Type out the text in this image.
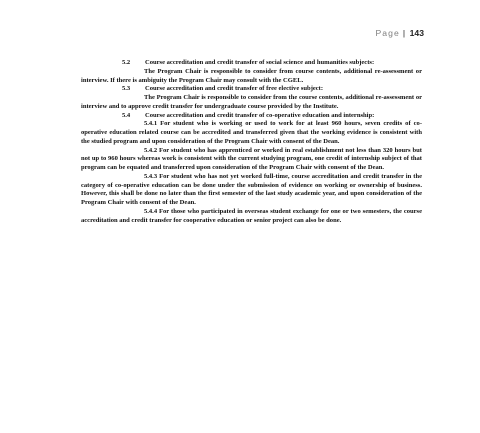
Page | 143

5.2 Course accreditation and credit transfer of social science and humanities subjects:

The Program Chair is responsible to consider from course contents, additional re-assessment or interview. If there is ambiguity the Program Chair may consult with the CGEL.

5.3 Course accreditation and credit transfer of free elective subject:

The Program Chair is responsible to consider from the course contents, additional re-assessment or interview and to approve credit transfer for undergraduate course provided by the Institute.

5.4 Course accreditation and credit transfer of co-operative education and internship:

5.4.1 For student who is working or used to work for at least 960 hours, seven credits of co-operative education related course can be accredited and transferred given that the working evidence is consistent with the studied program and upon consideration of the Program Chair with consent of the Dean.

5.4.2 For student who has apprenticed or worked in real establishment not less than 320 hours but not up to 960 hours whereas work is consistent with the current studying program, one credit of internship subject of that program can be equated and transferred upon consideration of the Program Chair with consent of the Dean.

5.4.3 For student who has not yet worked full-time, course accreditation and credit transfer in the category of co-operative education can be done under the submission of evidence on working or ownership of business. However, this shall be done no later than the first semester of the last study academic year, and upon consideration of the Program Chair with consent of the Dean.

5.4.4 For those who participated in overseas student exchange for one or two semesters, the course accreditation and credit transfer for cooperative education or senior project can also be done.
